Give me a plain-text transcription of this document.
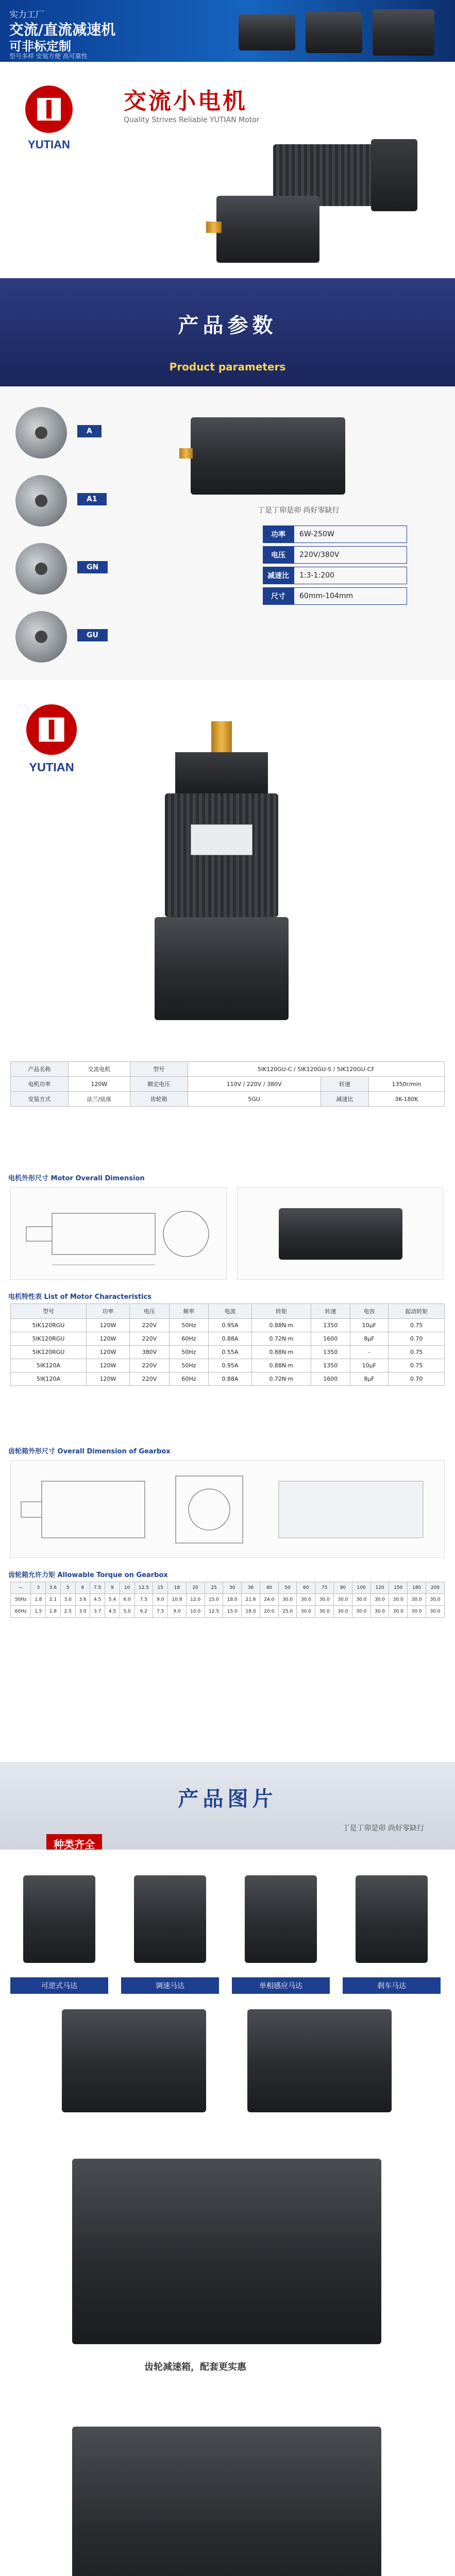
实力工厂
交流/直流减速机
可非标定制
型号多样 安装方便 高可靠性
YUTIAN
交流小电机
Quality Strives Reliable YUTIAN Motor
产品参数
Product parameters
A
A1
GN
GU
丁是丁卯是卯 尚好零缺行
功率	6W-250W
电压	220V/380V
减速比	1:3-1:200
尺寸	60mm-104mm
YUTIAN
产品名称	交流电机	型号	5IK120GU-C / 5IK120GU-S / 5IK120GU-CF		
电机功率	120W	额定电压	110V / 220V / 380V	转速	1350r/min
安装方式	法兰/底座	齿轮箱	5GU	减速比	3K-180K
电机外形尺寸 Motor Overall Dimension
电机特性表 List of Motor Characteristics
型号	功率	电压	频率	电流	转矩	转速	电容	起动转矩
5IK120RGU	120W	220V	50Hz	0.95A	0.88N·m	1350	10μF	0.75
5IK120RGU	120W	220V	60Hz	0.88A	0.72N·m	1600	8μF	0.70
5IK120RGU	120W	380V	50Hz	0.55A	0.88N·m	1350	-	0.75
5IK120A	120W	220V	50Hz	0.95A	0.88N·m	1350	10μF	0.75
5IK120A	120W	220V	60Hz	0.88A	0.72N·m	1600	8μF	0.70
齿轮箱外形尺寸 Overall Dimension of Gearbox
齿轮箱允许力矩 Allowable Torque on Gearbox
—	3	3.6	5	6	7.5	9	10	12.5	15	18	20	25	30	36	40	50	60	75	90	100	120	150	180	200
50Hz	1.8	2.1	3.0	3.6	4.5	5.4	6.0	7.5	9.0	10.8	12.0	15.0	18.0	21.6	24.0	30.0	30.0	30.0	30.0	30.0	30.0	30.0	30.0	30.0
60Hz	1.5	1.8	2.5	3.0	3.7	4.5	5.0	6.2	7.5	9.0	10.0	12.5	15.0	18.0	20.0	25.0	30.0	30.0	30.0	30.0	30.0	30.0	30.0	30.0
产品图片
丁是丁卯是卯 尚好零缺行
种类齐全
可逆式马达	调速马达	单相感应马达	刹车马达
齿轮减速箱，配套更实惠
